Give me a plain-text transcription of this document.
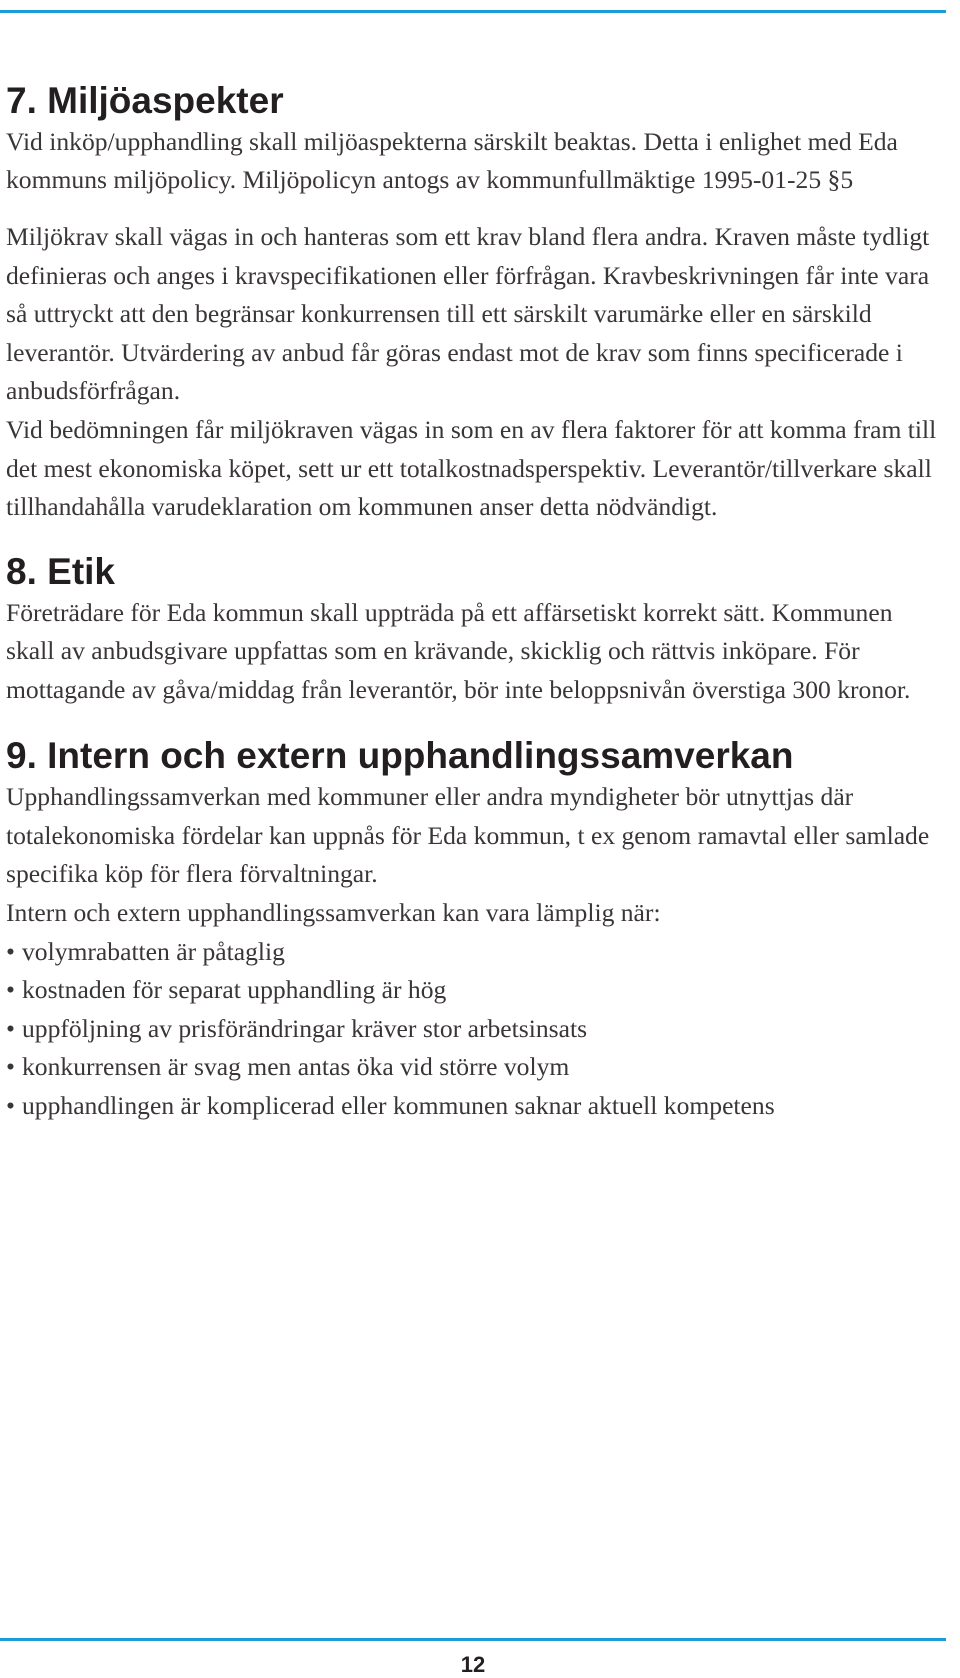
7. Miljöaspekter

Vid inköp/upphandling skall miljöaspekterna särskilt beaktas. Detta i enlighet med Eda kommuns miljöpolicy. Miljöpolicyn antogs av kommunfullmäktige 1995-01-25 §5

Miljökrav skall vägas in och hanteras som ett krav bland flera andra. Kraven måste tydligt definieras och anges i kravspecifikationen eller förfrågan. Kravbeskrivningen får inte vara så uttryckt att den begränsar konkurrensen till ett särskilt varumärke eller en särskild leverantör. Utvärdering av anbud får göras endast mot de krav som finns specificerade i anbudsförfrågan.

Vid bedömningen får miljökraven vägas in som en av flera faktorer för att komma fram till det mest ekonomiska köpet, sett ur ett totalkostnadsperspektiv. Leverantör/tillverkare skall tillhandahålla varudeklaration om kommunen anser detta nödvändigt.

8. Etik

Företrädare för Eda kommun skall uppträda på ett affärsetiskt korrekt sätt. Kommunen skall av anbudsgivare uppfattas som en krävande, skicklig och rättvis inköpare. För mottagande av gåva/middag från leverantör, bör inte beloppsnivån överstiga 300 kronor.

9. Intern och extern upphandlingssamverkan

Upphandlingssamverkan med kommuner eller andra myndigheter bör utnyttjas där totalekonomiska fördelar kan uppnås för Eda kommun, t ex genom ramavtal eller samlade specifika köp för flera förvaltningar.

Intern och extern upphandlingssamverkan kan vara lämplig när:

• volymrabatten är påtaglig
• kostnaden för separat upphandling är hög
• uppföljning av prisförändringar kräver stor arbetsinsats
• konkurrensen är svag men antas öka vid större volym
• upphandlingen är komplicerad eller kommunen saknar aktuell kompetens
12
